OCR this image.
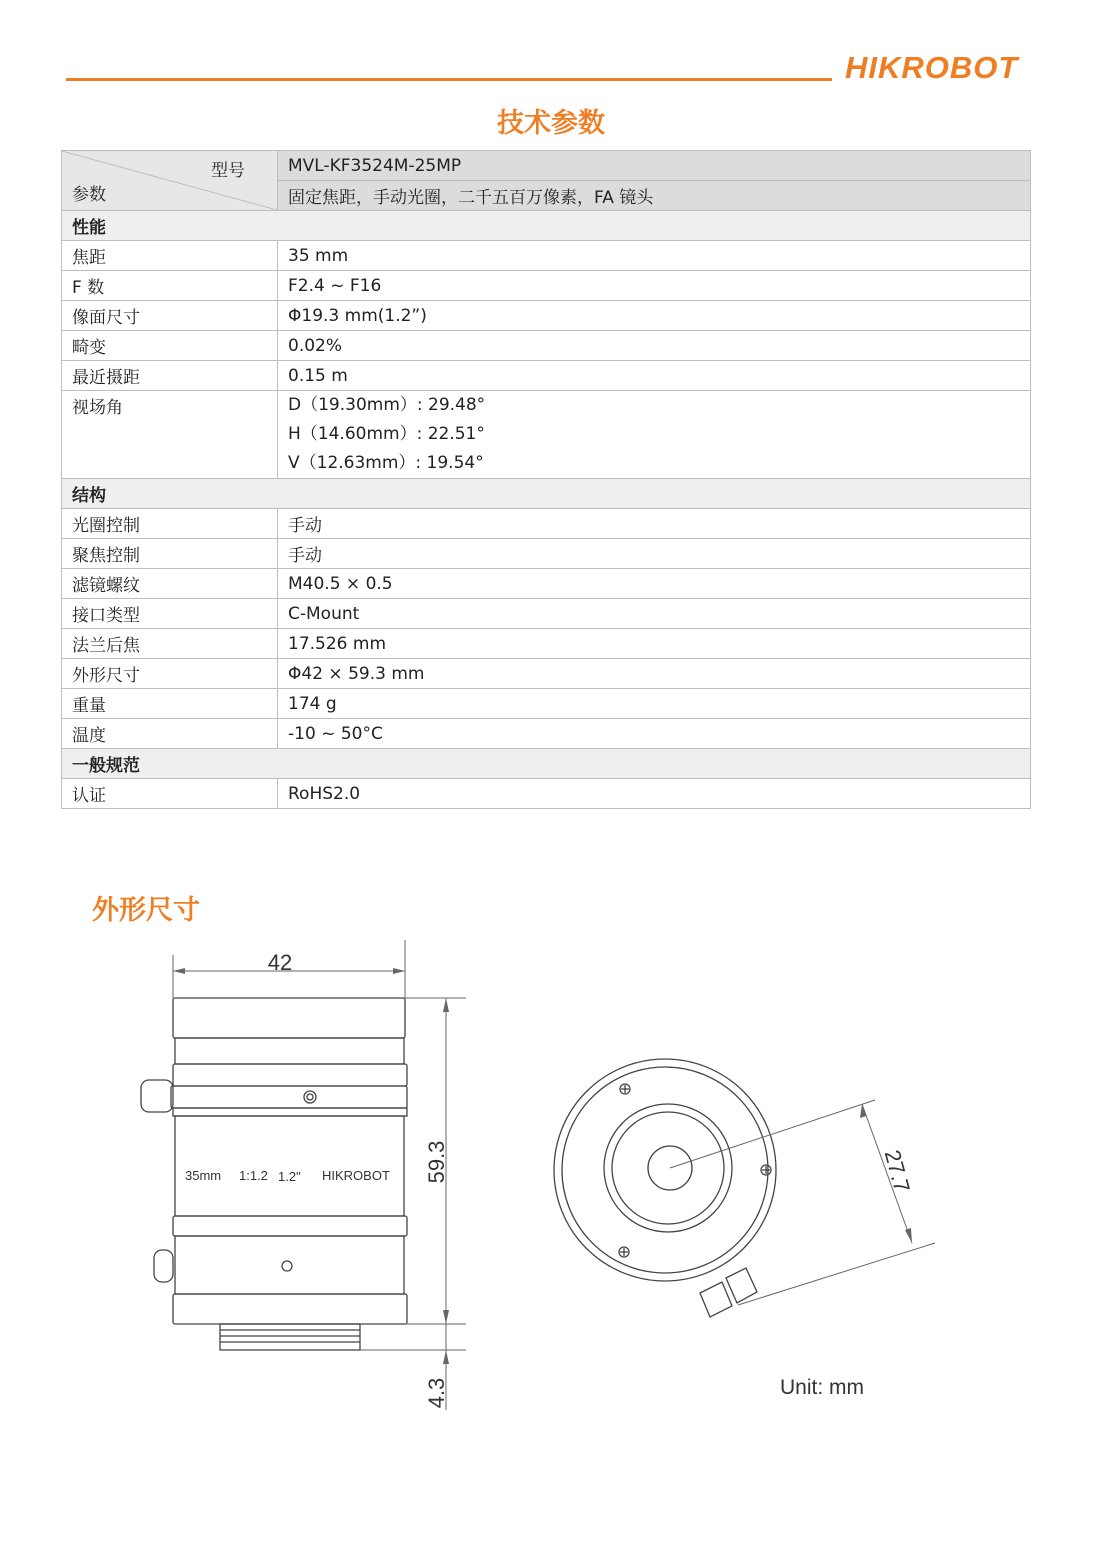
HIKROBOT
技术参数
型号
参数	MVL-KF3524M-25MP
	固定焦距，手动光圈，二千五百万像素，FA 镜头
性能	
焦距	35 mm
F 数	F2.4 ~ F16
像面尺寸	Φ19.3 mm(1.2”)
畸变	0.02%
最近摄距	0.15 m
视场角	D（19.30mm）: 29.48°
H（14.60mm）: 22.51°
V（12.63mm）: 19.54°

结构	
光圈控制	手动
聚焦控制	手动
滤镜螺纹	M40.5 × 0.5
接口类型	C-Mount
法兰后焦	17.526 mm
外形尺寸	Φ42 × 59.3 mm
重量	174 g
温度	-10 ~ 50°C
一般规范	
认证	RoHS2.0
外形尺寸
42
59.3
4.3
27.7
35mm 1:1.2 1.2" HIKROBOT
Unit: mm
